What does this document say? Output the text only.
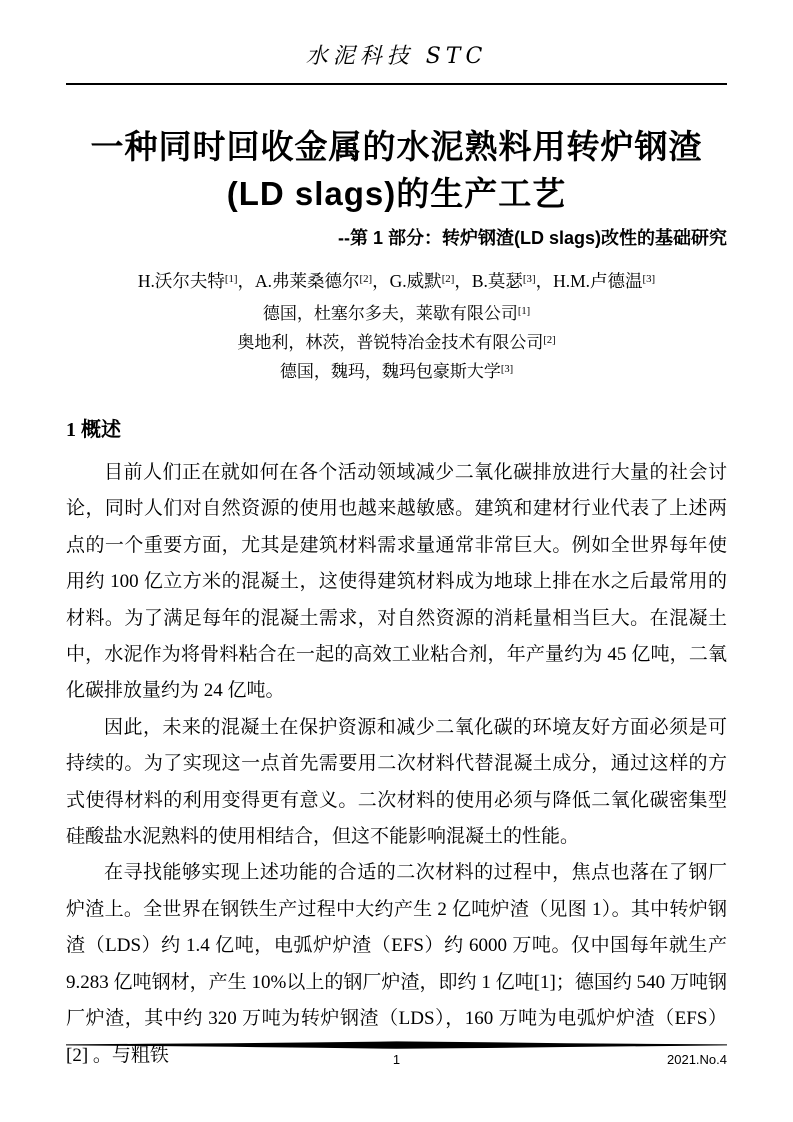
水泥科技 STC
一种同时回收金属的水泥熟料用转炉钢渣
(LD slags)的生产工艺
--第 1 部分：转炉钢渣(LD slags)改性的基础研究
H.沃尔夫特[1]，A.弗莱桑德尔[2]，G.威默[2]，B.莫瑟[3]，H.M.卢德温[3]
德国，杜塞尔多夫，莱歇有限公司[1]
奥地利，林茨，普锐特冶金技术有限公司[2]
德国，魏玛，魏玛包豪斯大学[3]
1 概述

目前人们正在就如何在各个活动领域减少二氧化碳排放进行大量的社会讨论，同时人们对自然资源的使用也越来越敏感。建筑和建材行业代表了上述两点的一个重要方面，尤其是建筑材料需求量通常非常巨大。例如全世界每年使用约 100 亿立方米的混凝土，这使得建筑材料成为地球上排在水之后最常用的材料。为了满足每年的混凝土需求，对自然资源的消耗量相当巨大。在混凝土中，水泥作为将骨料粘合在一起的高效工业粘合剂，年产量约为 45 亿吨，二氧化碳排放量约为 24 亿吨。

因此，未来的混凝土在保护资源和减少二氧化碳的环境友好方面必须是可持续的。为了实现这一点首先需要用二次材料代替混凝土成分，通过这样的方式使得材料的利用变得更有意义。二次材料的使用必须与降低二氧化碳密集型硅酸盐水泥熟料的使用相结合，但这不能影响混凝土的性能。

在寻找能够实现上述功能的合适的二次材料的过程中，焦点也落在了钢厂炉渣上。全世界在钢铁生产过程中大约产生 2 亿吨炉渣（见图 1）。其中转炉钢渣（LDS）约 1.4 亿吨，电弧炉炉渣（EFS）约 6000 万吨。仅中国每年就生产 9.283 亿吨钢材，产生 10%以上的钢厂炉渣，即约 1 亿吨[1]；德国约 540 万吨钢厂炉渣，其中约 320 万吨为转炉钢渣（LDS），160 万吨为电弧炉炉渣（EFS）[2] 。与粗铁	1	2021.No.4
